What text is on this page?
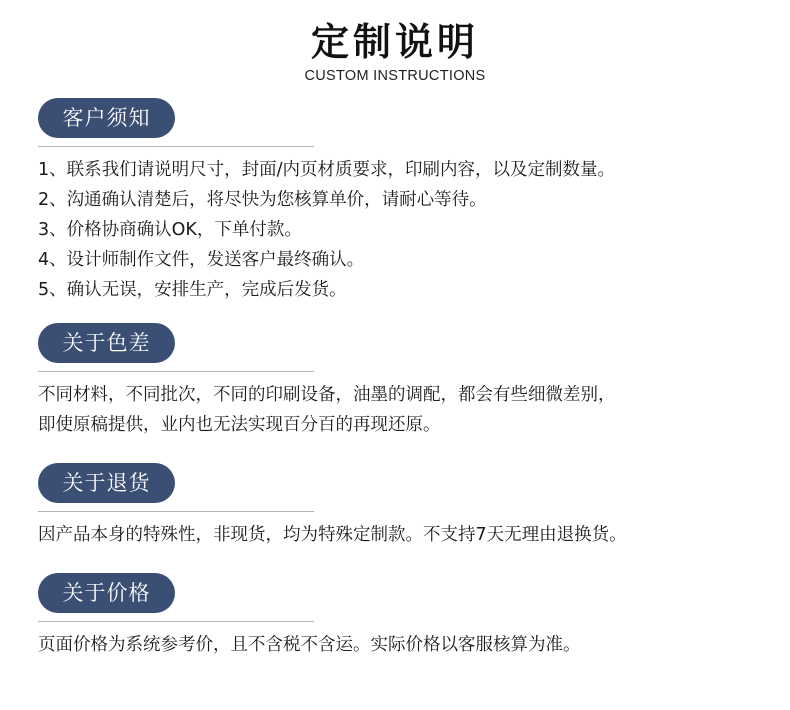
定制说明
CUSTOM INSTRUCTIONS
客户须知
1、联系我们请说明尺寸，封面/内页材质要求，印刷内容，以及定制数量。
2、沟通确认清楚后，将尽快为您核算单价，请耐心等待。
3、价格协商确认OK，下单付款。
4、设计师制作文件，发送客户最终确认。
5、确认无误，安排生产，完成后发货。
关于色差
不同材料，不同批次，不同的印刷设备，油墨的调配，都会有些细微差别，
即使原稿提供，业内也无法实现百分百的再现还原。
关于退货
因产品本身的特殊性，非现货，均为特殊定制款。不支持7天无理由退换货。
关于价格
页面价格为系统参考价，且不含税不含运。实际价格以客服核算为准。
